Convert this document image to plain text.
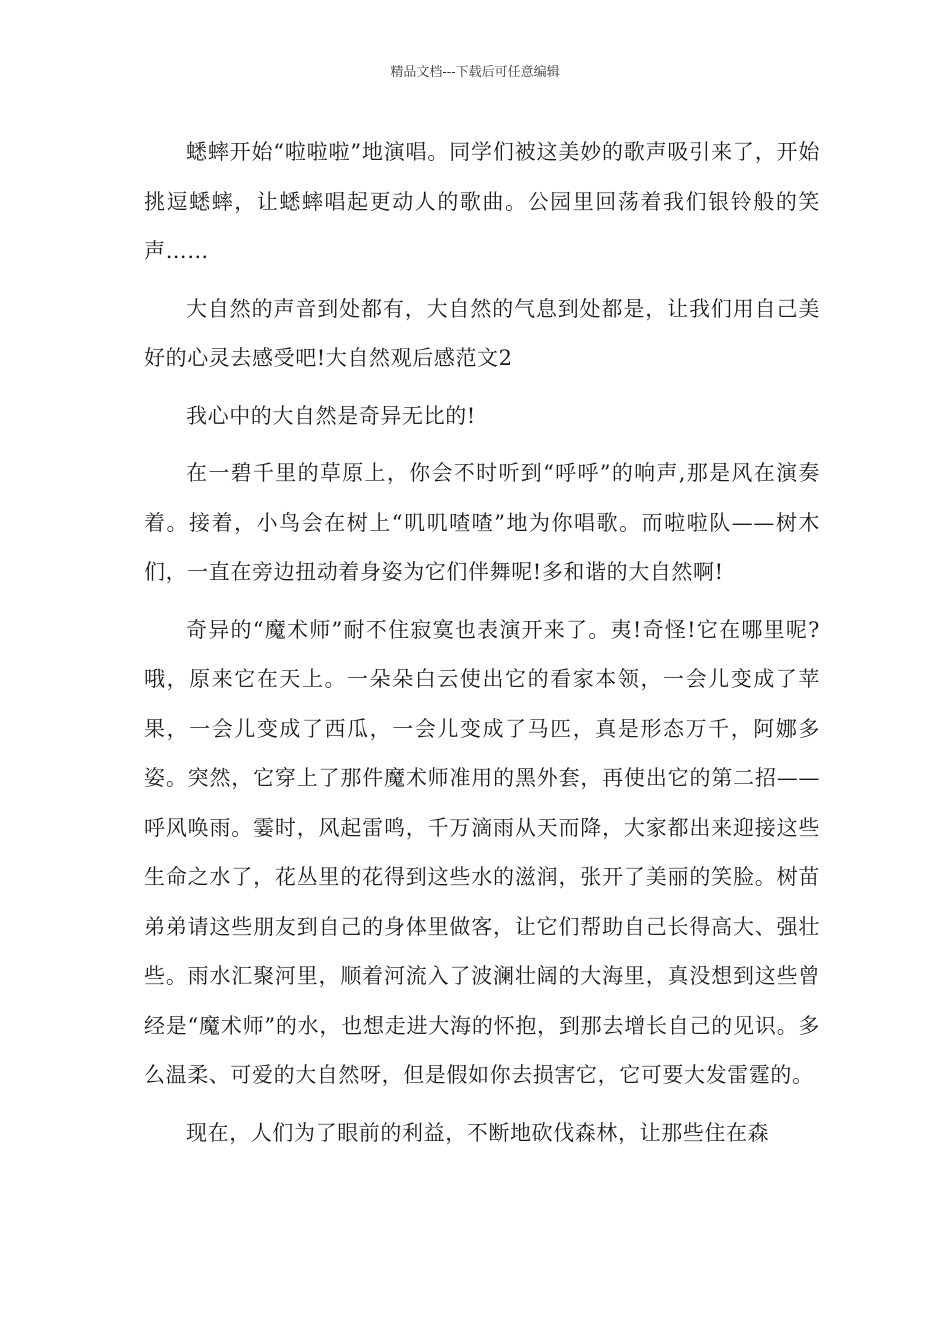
精品文档---下载后可任意编辑

蟋蟀开始“啦啦啦”地演唱。同学们被这美妙的歌声吸引来了，开始挑逗蟋蟀，让蟋蟀唱起更动人的歌曲。公园里回荡着我们银铃般的笑声……

大自然的声音到处都有，大自然的气息到处都是，让我们用自己美好的心灵去感受吧!大自然观后感范文2

我心中的大自然是奇异无比的!

在一碧千里的草原上，你会不时听到“呼呼”的响声,那是风在演奏着。接着，小鸟会在树上“叽叽喳喳”地为你唱歌。而啦啦队——树木们，一直在旁边扭动着身姿为它们伴舞呢!多和谐的大自然啊!

奇异的“魔术师”耐不住寂寞也表演开来了。夷!奇怪!它在哪里呢?哦，原来它在天上。一朵朵白云使出它的看家本领，一会儿变成了苹果，一会儿变成了西瓜，一会儿变成了马匹，真是形态万千，阿娜多姿。突然，它穿上了那件魔术师准用的黑外套，再使出它的第二招——呼风唤雨。霎时，风起雷鸣，千万滴雨从天而降，大家都出来迎接这些生命之水了，花丛里的花得到这些水的滋润，张开了美丽的笑脸。树苗弟弟请这些朋友到自己的身体里做客，让它们帮助自己长得高大、强壮些。雨水汇聚河里，顺着河流入了波澜壮阔的大海里，真没想到这些曾经是“魔术师”的水，也想走进大海的怀抱，到那去增长自己的见识。多么温柔、可爱的大自然呀，但是假如你去损害它，它可要大发雷霆的。

现在，人们为了眼前的利益，不断地砍伐森林，让那些住在森
